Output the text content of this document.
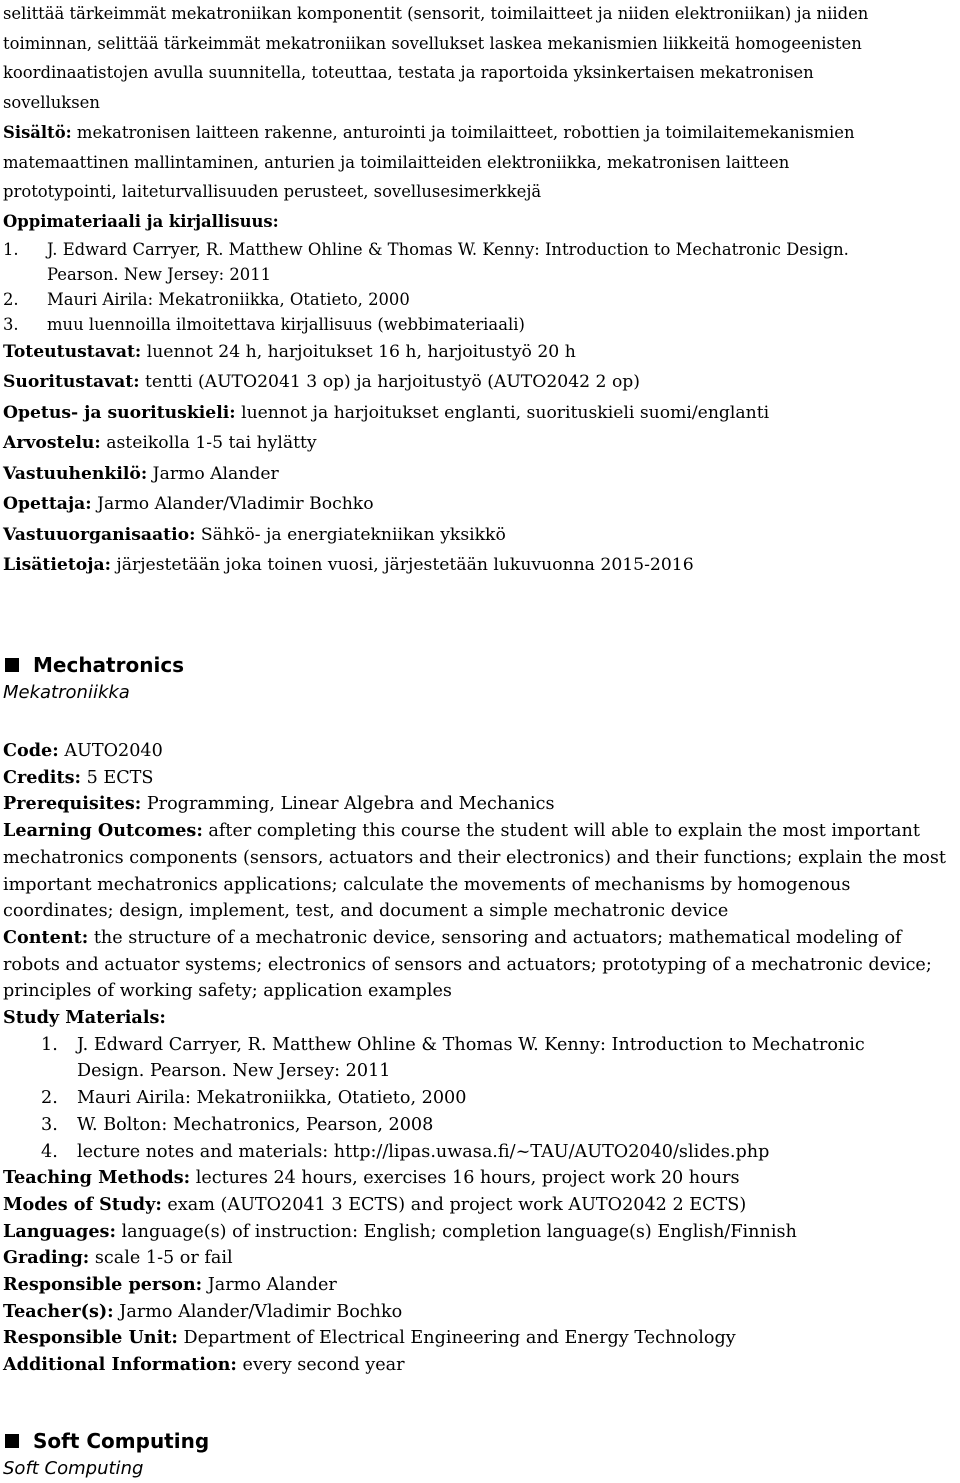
selittää tärkeimmät mekatroniikan komponentit (sensorit, toimilaitteet ja niiden elektroniikan) ja niiden

toiminnan, selittää tärkeimmät mekatroniikan sovellukset laskea mekanismien liikkeitä homogeenisten

koordinaatistojen avulla suunnitella, toteuttaa, testata ja raportoida yksinkertaisen mekatronisen

sovelluksen

Sisältö: mekatronisen laitteen rakenne, anturointi ja toimilaitteet, robottien ja toimilaitemekanismien

matemaattinen mallintaminen, anturien ja toimilaitteiden elektroniikka, mekatronisen laitteen

prototypointi, laiteturvallisuuden perusteet, sovellusesimerkkejä

Oppimateriaali ja kirjallisuus:

1.	J. Edward Carryer, R. Matthew Ohline & Thomas W. Kenny: Introduction to Mechatronic Design.
Pearson. New Jersey: 2011
2.	Mauri Airila: Mekatroniikka, Otatieto, 2000
3.	muu luennoilla ilmoitettava kirjallisuus (webbimateriaali)

Toteutustavat: luennot 24 h, harjoitukset 16 h, harjoitustyö 20 h

Suoritustavat: tentti (AUTO2041 3 op) ja harjoitustyö (AUTO2042 2 op)

Opetus- ja suorituskieli: luennot ja harjoitukset englanti, suorituskieli suomi/englanti

Arvostelu: asteikolla 1-5 tai hylätty

Vastuuhenkilö: Jarmo Alander

Opettaja: Jarmo Alander/Vladimir Bochko

Vastuuorganisaatio: Sähkö- ja energiatekniikan yksikkö

Lisätietoja: järjestetään joka toinen vuosi, järjestetään lukuvuonna 2015-2016

Mechatronics
Mekatroniikka

Code: AUTO2040

Credits: 5 ECTS

Prerequisites: Programming, Linear Algebra and Mechanics

Learning Outcomes: after completing this course the student will able to explain the most important

mechatronics components (sensors, actuators and their electronics) and their functions; explain the most

important mechatronics applications; calculate the movements of mechanisms by homogenous

coordinates; design, implement, test, and document a simple mechatronic device

Content: the structure of a mechatronic device, sensoring and actuators; mathematical modeling of

robots and actuator systems; electronics of sensors and actuators; prototyping of a mechatronic device;

principles of working safety; application examples

Study Materials:

1.	J. Edward Carryer, R. Matthew Ohline & Thomas W. Kenny: Introduction to Mechatronic
Design. Pearson. New Jersey: 2011
2.	Mauri Airila: Mekatroniikka, Otatieto, 2000
3.	W. Bolton: Mechatronics, Pearson, 2008
4.	lecture notes and materials: http://lipas.uwasa.fi/~TAU/AUTO2040/slides.php

Teaching Methods: lectures 24 hours, exercises 16 hours, project work 20 hours

Modes of Study: exam (AUTO2041 3 ECTS) and project work AUTO2042 2 ECTS)

Languages: language(s) of instruction: English; completion language(s) English/Finnish

Grading: scale 1-5 or fail

Responsible person: Jarmo Alander

Teacher(s): Jarmo Alander/Vladimir Bochko

Responsible Unit: Department of Electrical Engineering and Energy Technology

Additional Information: every second year

Soft Computing
Soft Computing
